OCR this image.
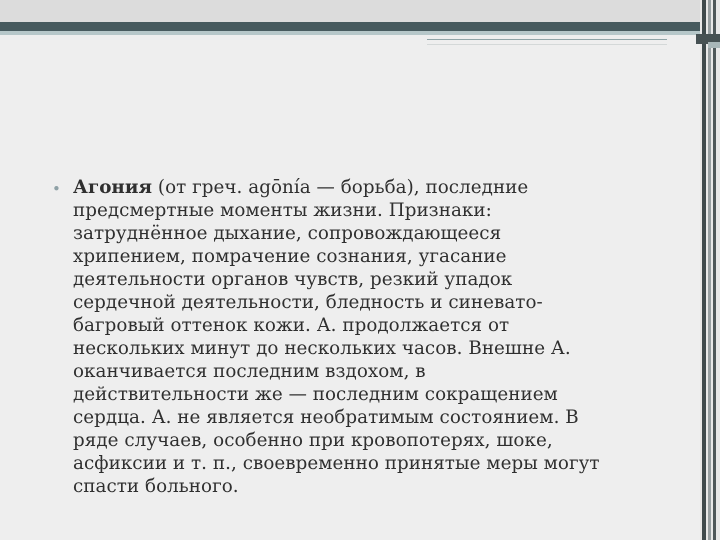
• Агония (от греч. agōnía — борьба), последние
предсмертные моменты жизни. Признаки:
затруднённое дыхание, сопровождающееся
хрипением, помрачение сознания, угасание
деятельности органов чувств, резкий упадок
сердечной деятельности, бледность и синевато-
багровый оттенок кожи. А. продолжается от
нескольких минут до нескольких часов. Внешне А.
оканчивается последним вздохом, в
действительности же — последним сокращением
сердца. А. не является необратимым состоянием. В
ряде случаев, особенно при кровопотерях, шоке,
асфиксии и т. п., своевременно принятые меры могут
спасти больного.
